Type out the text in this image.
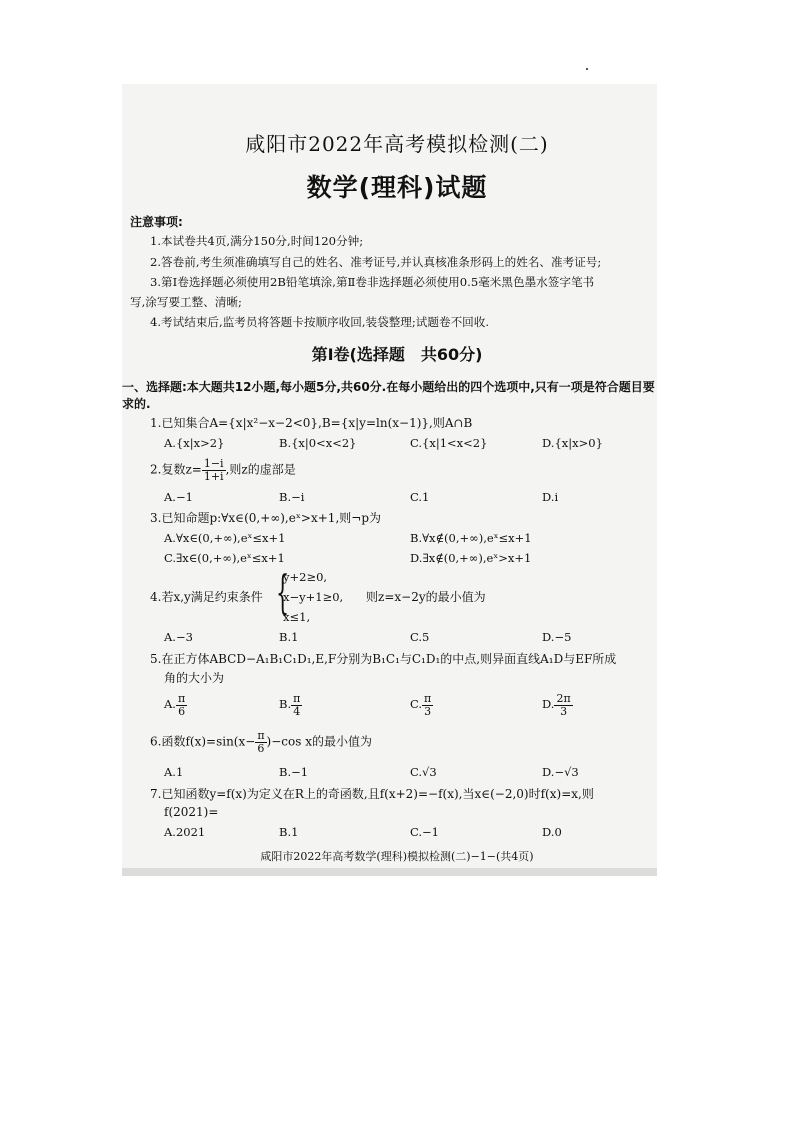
咸阳市2022年高考模拟检测(二)
数学(理科)试题
注意事项:
1.本试卷共4页,满分150分,时间120分钟;
2.答卷前,考生须准确填写自己的姓名、准考证号,并认真核准条形码上的姓名、准考证号;
3.第Ⅰ卷选择题必须使用2B铅笔填涂,第Ⅱ卷非选择题必须使用0.5毫米黑色墨水签字笔书
写,涂写要工整、清晰;
4.考试结束后,监考员将答题卡按顺序收回,装袋整理;试题卷不回收.
第Ⅰ卷(选择题　共60分)
一、选择题:本大题共12小题,每小题5分,共60分.在每小题给出的四个选项中,只有一项是符合题目要求的.
1.已知集合A={x|x²−x−2<0},B={x|y=ln(x−1)},则A∩B
A.{x|x>2}	B.{x|0<x<2}	C.{x|1<x<2}	D.{x|x>0}
2.复数$z= \frac{1-i}{1+i}$ ,则z的虚部是
A.−1	B.−i	C.1	D.i
3.已知命题p:∀x∈(0,+∞),eˣ>x+1,则¬p为
A.∀x∈(0,+∞),eˣ≤x+1	B.∀x∉(0,+∞),eˣ≤x+1
C.∃x∈(0,+∞),eˣ≤x+1	D.∃x∉(0,+∞),eˣ>x+1
4.若x,y满足约束条件 {
y+2≥0,
x−y+1≥0,
x≤1,
则z=x−2y的最小值为
A.−3	B.1	C.5	D.−5
5.在正方体ABCD−A₁B₁C₁D₁,E,F分别为B₁C₁与C₁D₁的中点,则异面直线A₁D与EF所成
角的大小为
A. $\frac{\pi}{6}$	B. $\frac{\pi}{4}$	C. $\frac{\pi}{3}$	D. $\frac{2\pi}{3}$
6.函数$f(x)=\sin(x- \frac{\pi}{6} )-\cos$ x的最小值为
A.1	B.−1	C.√3	D.−√3
7.已知函数y=f(x)为定义在R上的奇函数,且f(x+2)=−f(x),当x∈(−2,0)时f(x)=x,则
f(2021)=
A.2021	B.1	C.−1	D.0
咸阳市2022年高考数学(理科)模拟检测(二)−1−(共4页)
